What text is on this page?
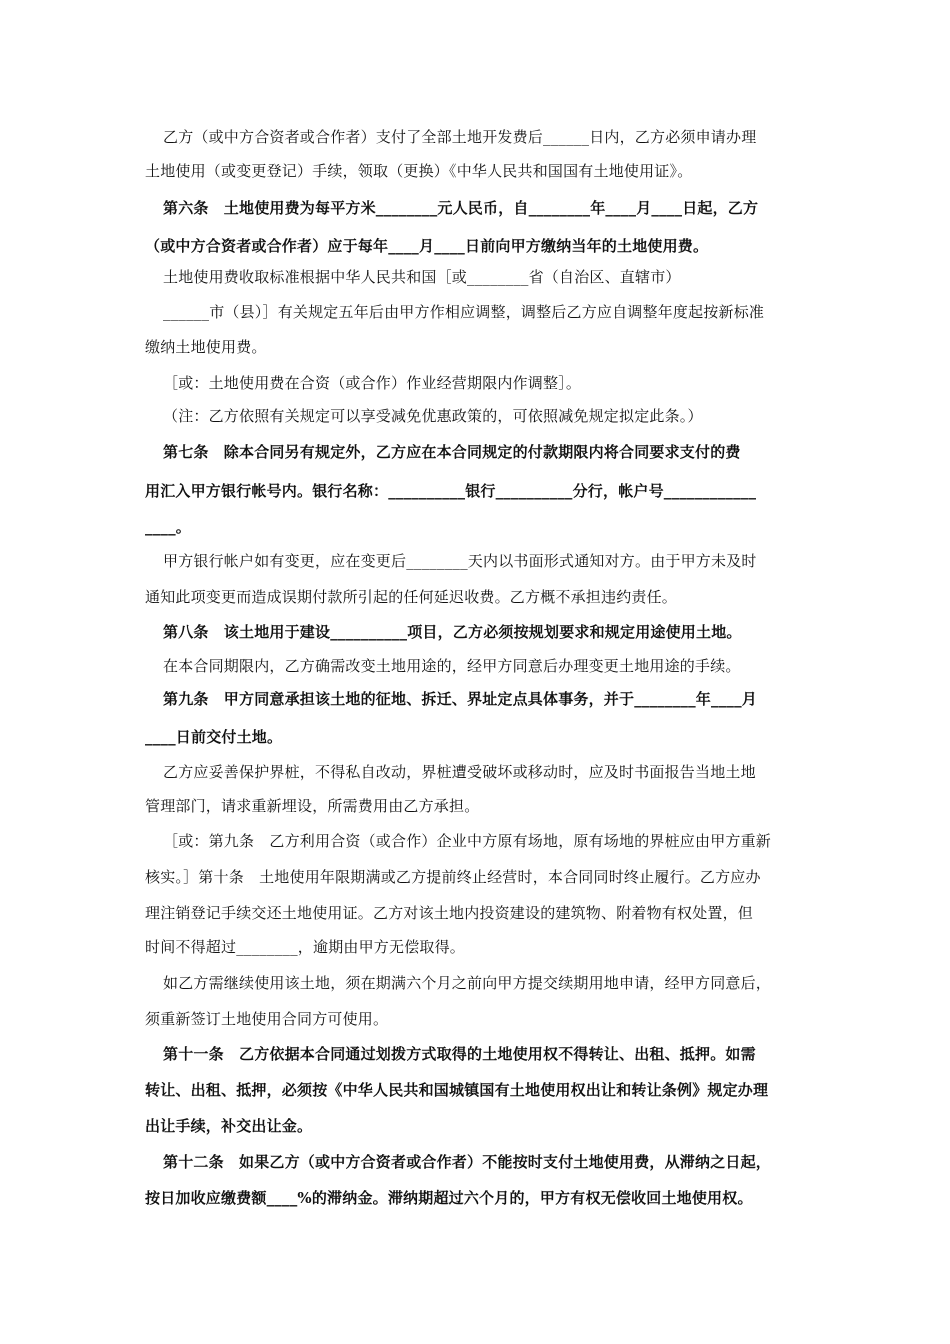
乙方（或中方合资者或合作者）支付了全部土地开发费后______日内，乙方必须申请办理

土地使用（或变更登记）手续，领取（更换）《中华人民共和国国有土地使用证》。

第六条　土地使用费为每平方米________元人民币，自________年____月____日起，乙方

（或中方合资者或合作者）应于每年____月____日前向甲方缴纳当年的土地使用费。

土地使用费收取标准根据中华人民共和国［或________省（自治区、直辖市）

______市（县）］有关规定五年后由甲方作相应调整，调整后乙方应自调整年度起按新标准

缴纳土地使用费。

［或：土地使用费在合资（或合作）作业经营期限内作调整］。

（注：乙方依照有关规定可以享受减免优惠政策的，可依照减免规定拟定此条。）

第七条　除本合同另有规定外，乙方应在本合同规定的付款期限内将合同要求支付的费

用汇入甲方银行帐号内。银行名称：__________银行__________分行，帐户号____________

____。

甲方银行帐户如有变更，应在变更后________天内以书面形式通知对方。由于甲方未及时

通知此项变更而造成误期付款所引起的任何延迟收费。乙方概不承担违约责任。

第八条　该土地用于建设__________项目，乙方必须按规划要求和规定用途使用土地。

在本合同期限内，乙方确需改变土地用途的，经甲方同意后办理变更土地用途的手续。

第九条　甲方同意承担该土地的征地、拆迁、界址定点具体事务，并于________年____月

____日前交付土地。

乙方应妥善保护界桩，不得私自改动，界桩遭受破坏或移动时，应及时书面报告当地土地

管理部门，请求重新埋设，所需费用由乙方承担。

［或：第九条　乙方利用合资（或合作）企业中方原有场地，原有场地的界桩应由甲方重新

核实。］第十条　土地使用年限期满或乙方提前终止经营时，本合同同时终止履行。乙方应办

理注销登记手续交还土地使用证。乙方对该土地内投资建设的建筑物、附着物有权处置，但

时间不得超过________，逾期由甲方无偿取得。

如乙方需继续使用该土地，须在期满六个月之前向甲方提交续期用地申请，经甲方同意后，

须重新签订土地使用合同方可使用。

第十一条　乙方依据本合同通过划拨方式取得的土地使用权不得转让、出租、抵押。如需

转让、出租、抵押，必须按《中华人民共和国城镇国有土地使用权出让和转让条例》规定办理

出让手续，补交出让金。

第十二条　如果乙方（或中方合资者或合作者）不能按时支付土地使用费，从滞纳之日起，

按日加收应缴费额____%的滞纳金。滞纳期超过六个月的，甲方有权无偿收回土地使用权。
